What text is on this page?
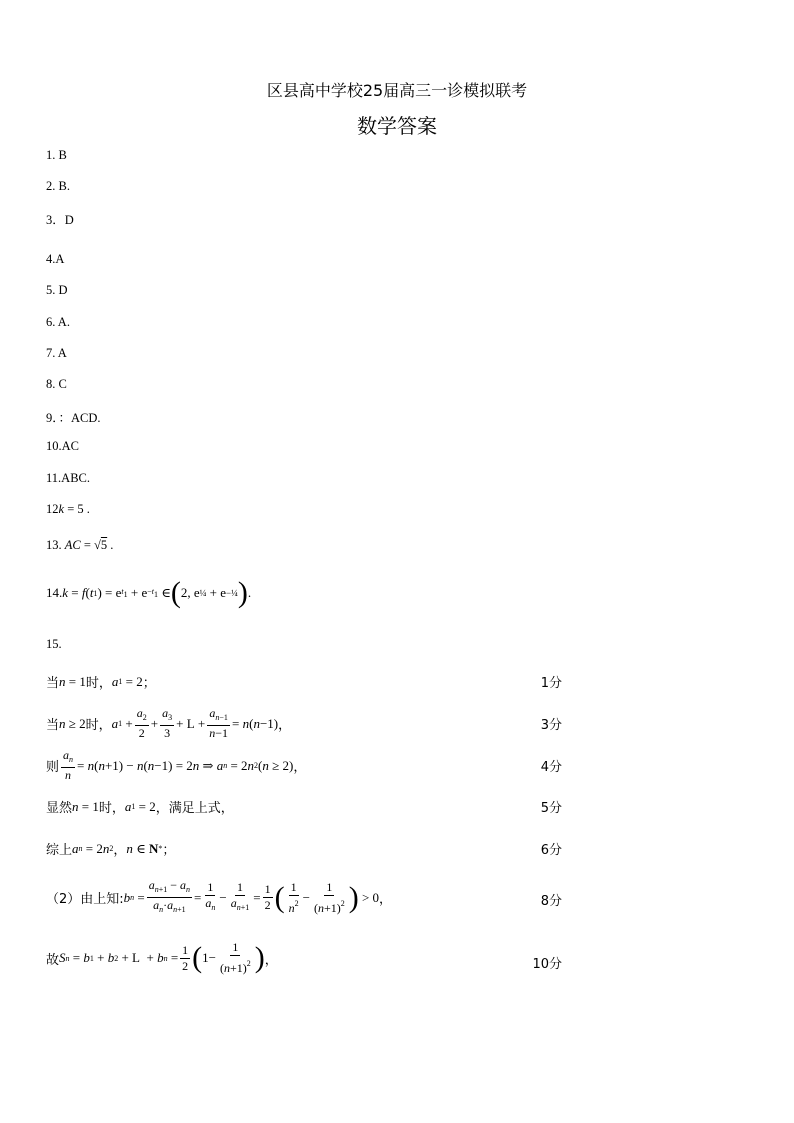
区县高中学校25届高三一诊模拟联考
数学答案
1. B
2. B.
3．D
4.A
5. D
6. A.
7. A
8. C
9．：ACD.
10.AC
11.ABC.
12k = 5 .
13. AC = √5 .
14. k = f ( t 1 ) = e $t_1 + e -t_1$ ∈ ( 2, e ¼ + e −¼ ) .
15.
当 n = 1 时， a 1 = 2 ；	1分
当 n ≥ 2 时， a $1 + \frac{a_2}{2} + \frac{a_3}{3} + L + \frac{a_{n-1}}{n-1} = n$ ( n −1) ，	3分
则 $\frac{a_n}{n} = n$ ( n +1) − n ( n −1) = 2 n ⇒ a n = 2 n 2 ( n ≥ 2) ，	4分
显然 n = 1 时， a 1 = 2 ，满足上式，	5分
综上 a n = 2 n 2 ， n ∈ N * ；	6分
（2）由上知: b $n = \frac{a_{n+1} - a_n}{a_n\cdot a_{n+1}} = \frac{1}{a_n} - \frac{1}{a_{n+1}} = \frac{1}{2}$ ( $\frac{1}{n^2} - \frac{1}{(n+1)^2}$ ) > 0 ，	8分
故 S n = b 1 + b 2 + L  + b $n = \frac{1}{2}$ ( $1- \frac{1}{(n+1)^2}$ ) ，	10分
